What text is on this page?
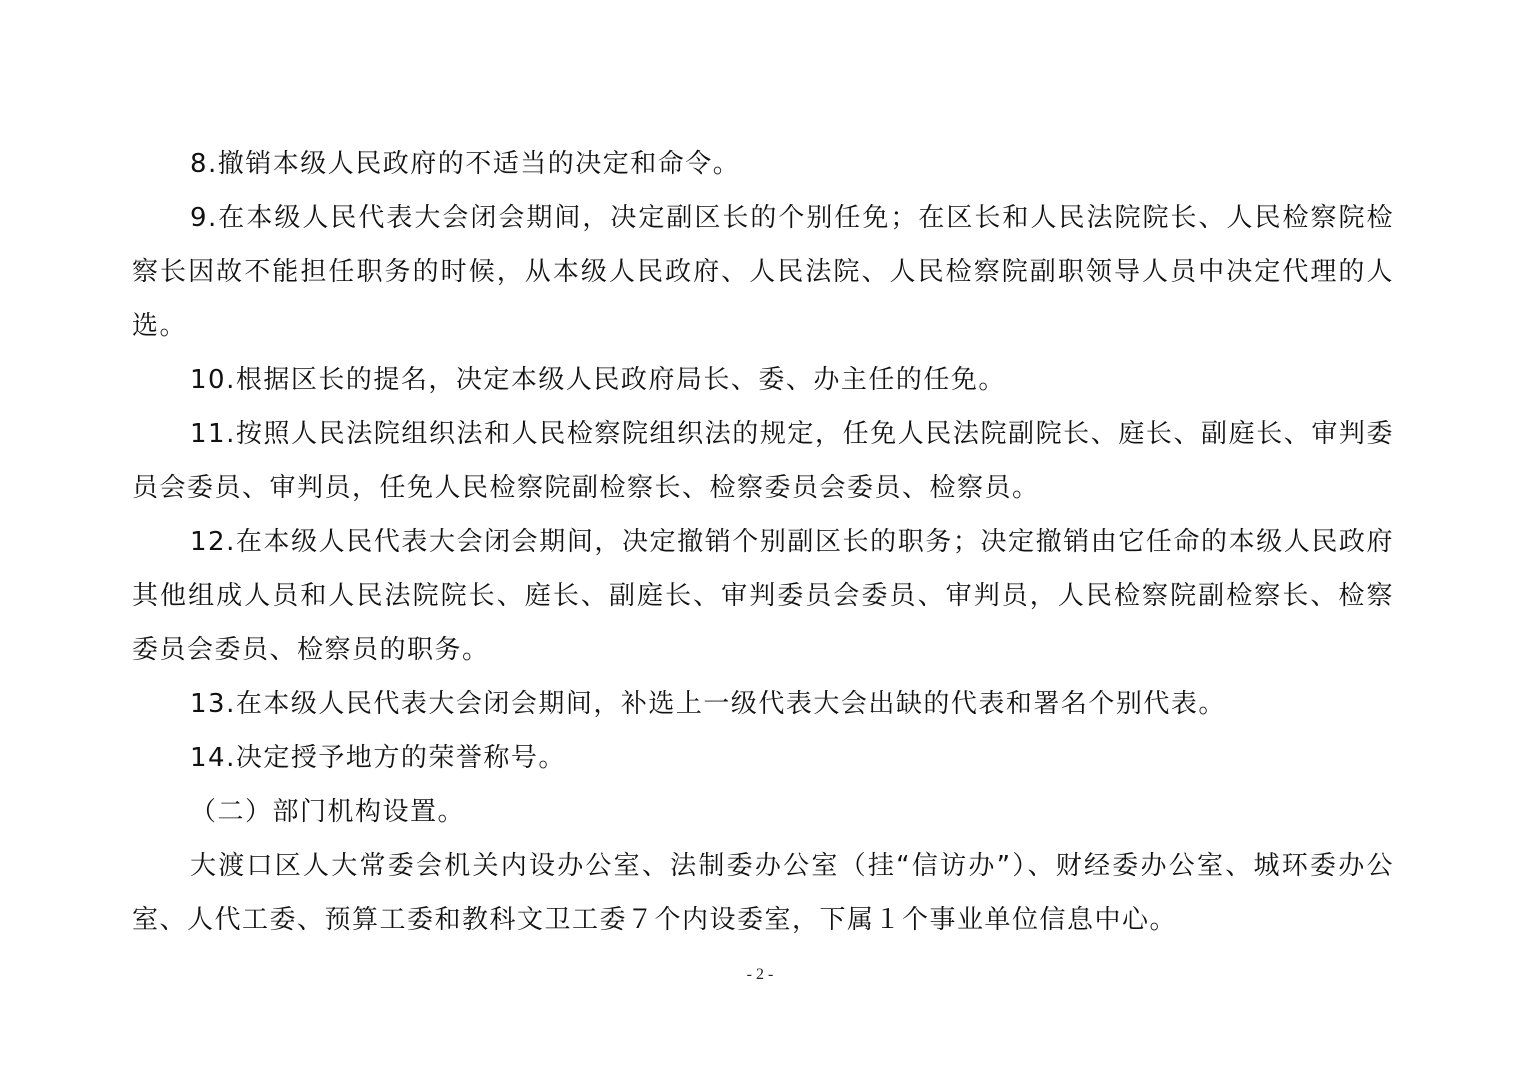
8.撤销本级人民政府的不适当的决定和命令。

9.在本级人民代表大会闭会期间，决定副区长的个别任免；在区长和人民法院院长、人民检察院检察长因故不能担任职务的时候，从本级人民政府、人民法院、人民检察院副职领导人员中决定代理的人选。

10.根据区长的提名，决定本级人民政府局长、委、办主任的任免。

11.按照人民法院组织法和人民检察院组织法的规定，任免人民法院副院长、庭长、副庭长、审判委员会委员、审判员，任免人民检察院副检察长、检察委员会委员、检察员。

12.在本级人民代表大会闭会期间，决定撤销个别副区长的职务；决定撤销由它任命的本级人民政府其他组成人员和人民法院院长、庭长、副庭长、审判委员会委员、审判员，人民检察院副检察长、检察委员会委员、检察员的职务。

13.在本级人民代表大会闭会期间，补选上一级代表大会出缺的代表和署名个别代表。

14.决定授予地方的荣誉称号。

（二）部门机构设置。

大渡口区人大常委会机关内设办公室、法制委办公室（挂“信访办”）、财经委办公室、城环委办公室、人代工委、预算工委和教科文卫工委７个内设委室，下属１个事业单位信息中心。

- 2 -
